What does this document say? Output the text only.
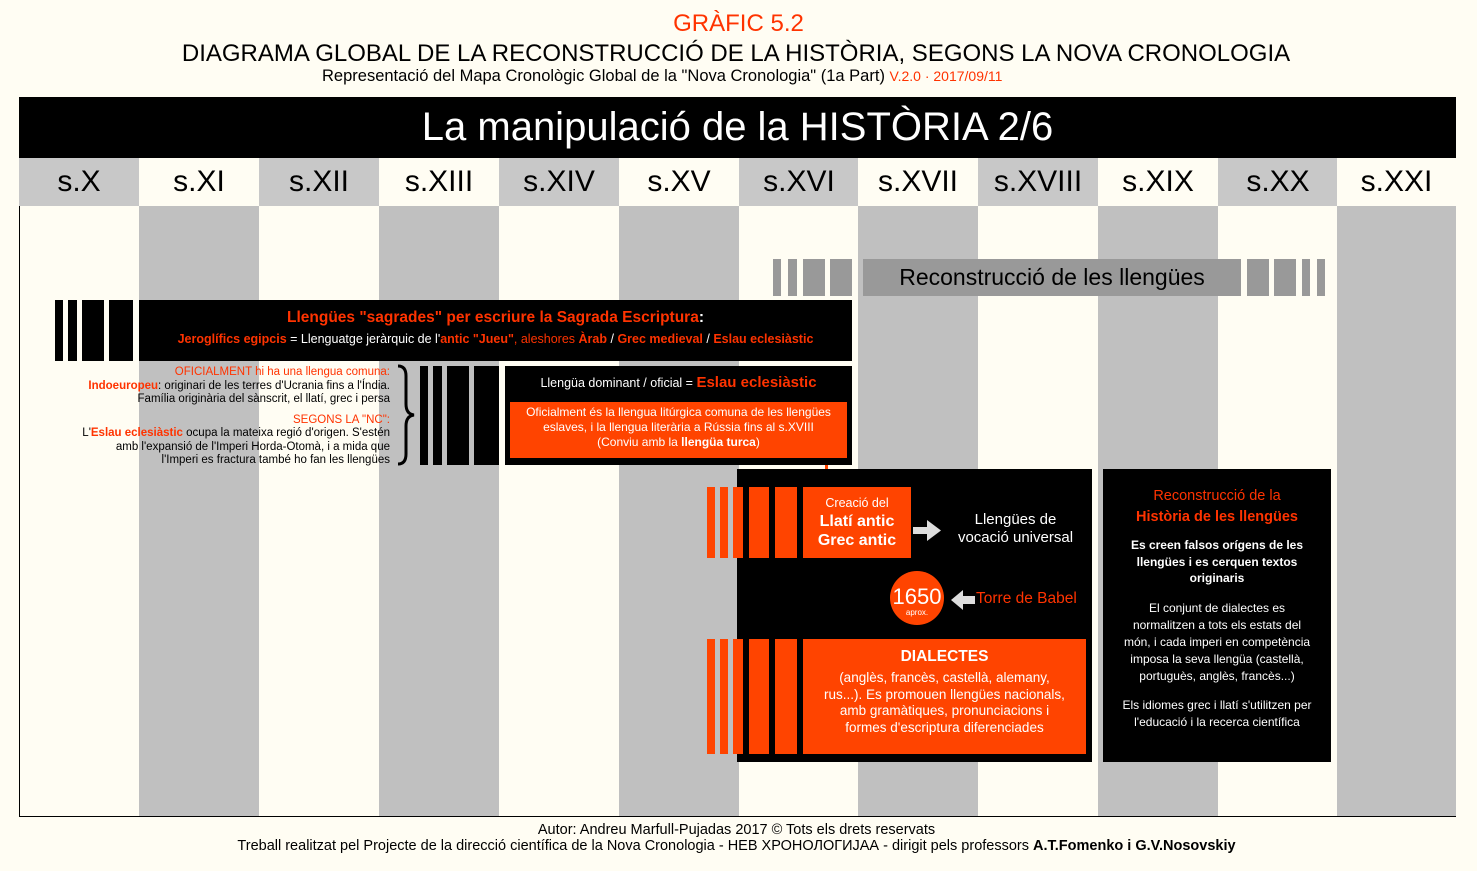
GRÀFIC 5.2
DIAGRAMA GLOBAL DE LA RECONSTRUCCIÓ DE LA HISTÒRIA, SEGONS LA NOVA CRONOLOGIA
Representació del Mapa Cronològic Global de la "Nova Cronologia" (1a Part) V.2.0 · 2017/09/11
La manipulació de la HISTÒRIA 2/6
s.X	s.XI	s.XII	s.XIII	s.XIV	s.XV	s.XVI	s.XVII	s.XVIII	s.XIX	s.XX	s.XXI
Reconstrucció de les llengües
Llengües "sagrades" per escriure la Sagrada Escriptura:
Jeroglífics egipcis = Llenguatge jeràrquic de l'antic "Jueu", aleshores Àrab / Grec medieval / Eslau eclesiàstic
OFICIALMENT hi ha una llengua comuna:
Indoeuropeu: originari de les terres d'Ucrania fins a l'Índia.
Família originària del sànscrit, el llatí, grec i persa
SEGONS LA "NC":
L'Eslau eclesiàstic ocupa la mateixa regió d'origen. S'estén
amb l'expansió de l'Imperi Horda-Otomà, i a mida que
l'Imperi es fractura també ho fan les llengües
Llengüa dominant / oficial = Eslau eclesiàstic
Oficialment és la llengua litúrgica comuna de les llengües
eslaves, i la llengua literària a Rússia fins al s.XVIII
(Conviu amb la llengüa turca)
Creació del
Llatí antic
Grec antic
Llengües de
vocació universal
1650
aprox.
Torre de Babel
DIALECTES
(anglès, francès, castellà, alemany,
rus...). Es promouen llengües nacionals,
amb gramàtiques, pronunciacions i
formes d'escriptura diferenciades
Reconstrucció de la
Història de les llengües
Es creen falsos orígens de les
llengües i es cerquen textos
originaris
El conjunt de dialectes es
normalitzen a tots els estats del
món, i cada imperi en competència
imposa la seva llengüa (castellà,
portuguès, anglès, francès...)
Els idiomes grec i llatí s'utilitzen per
l'educació i la recerca científica
Autor: Andreu Marfull-Pujadas 2017 © Tots els drets reservats
Treball realitzat pel Projecte de la direcció científica de la Nova Cronologia - НЕВ ХРОНОЛОГИJАА - dirigit pels professors A.T.Fomenko i G.V.Nosovskiy
